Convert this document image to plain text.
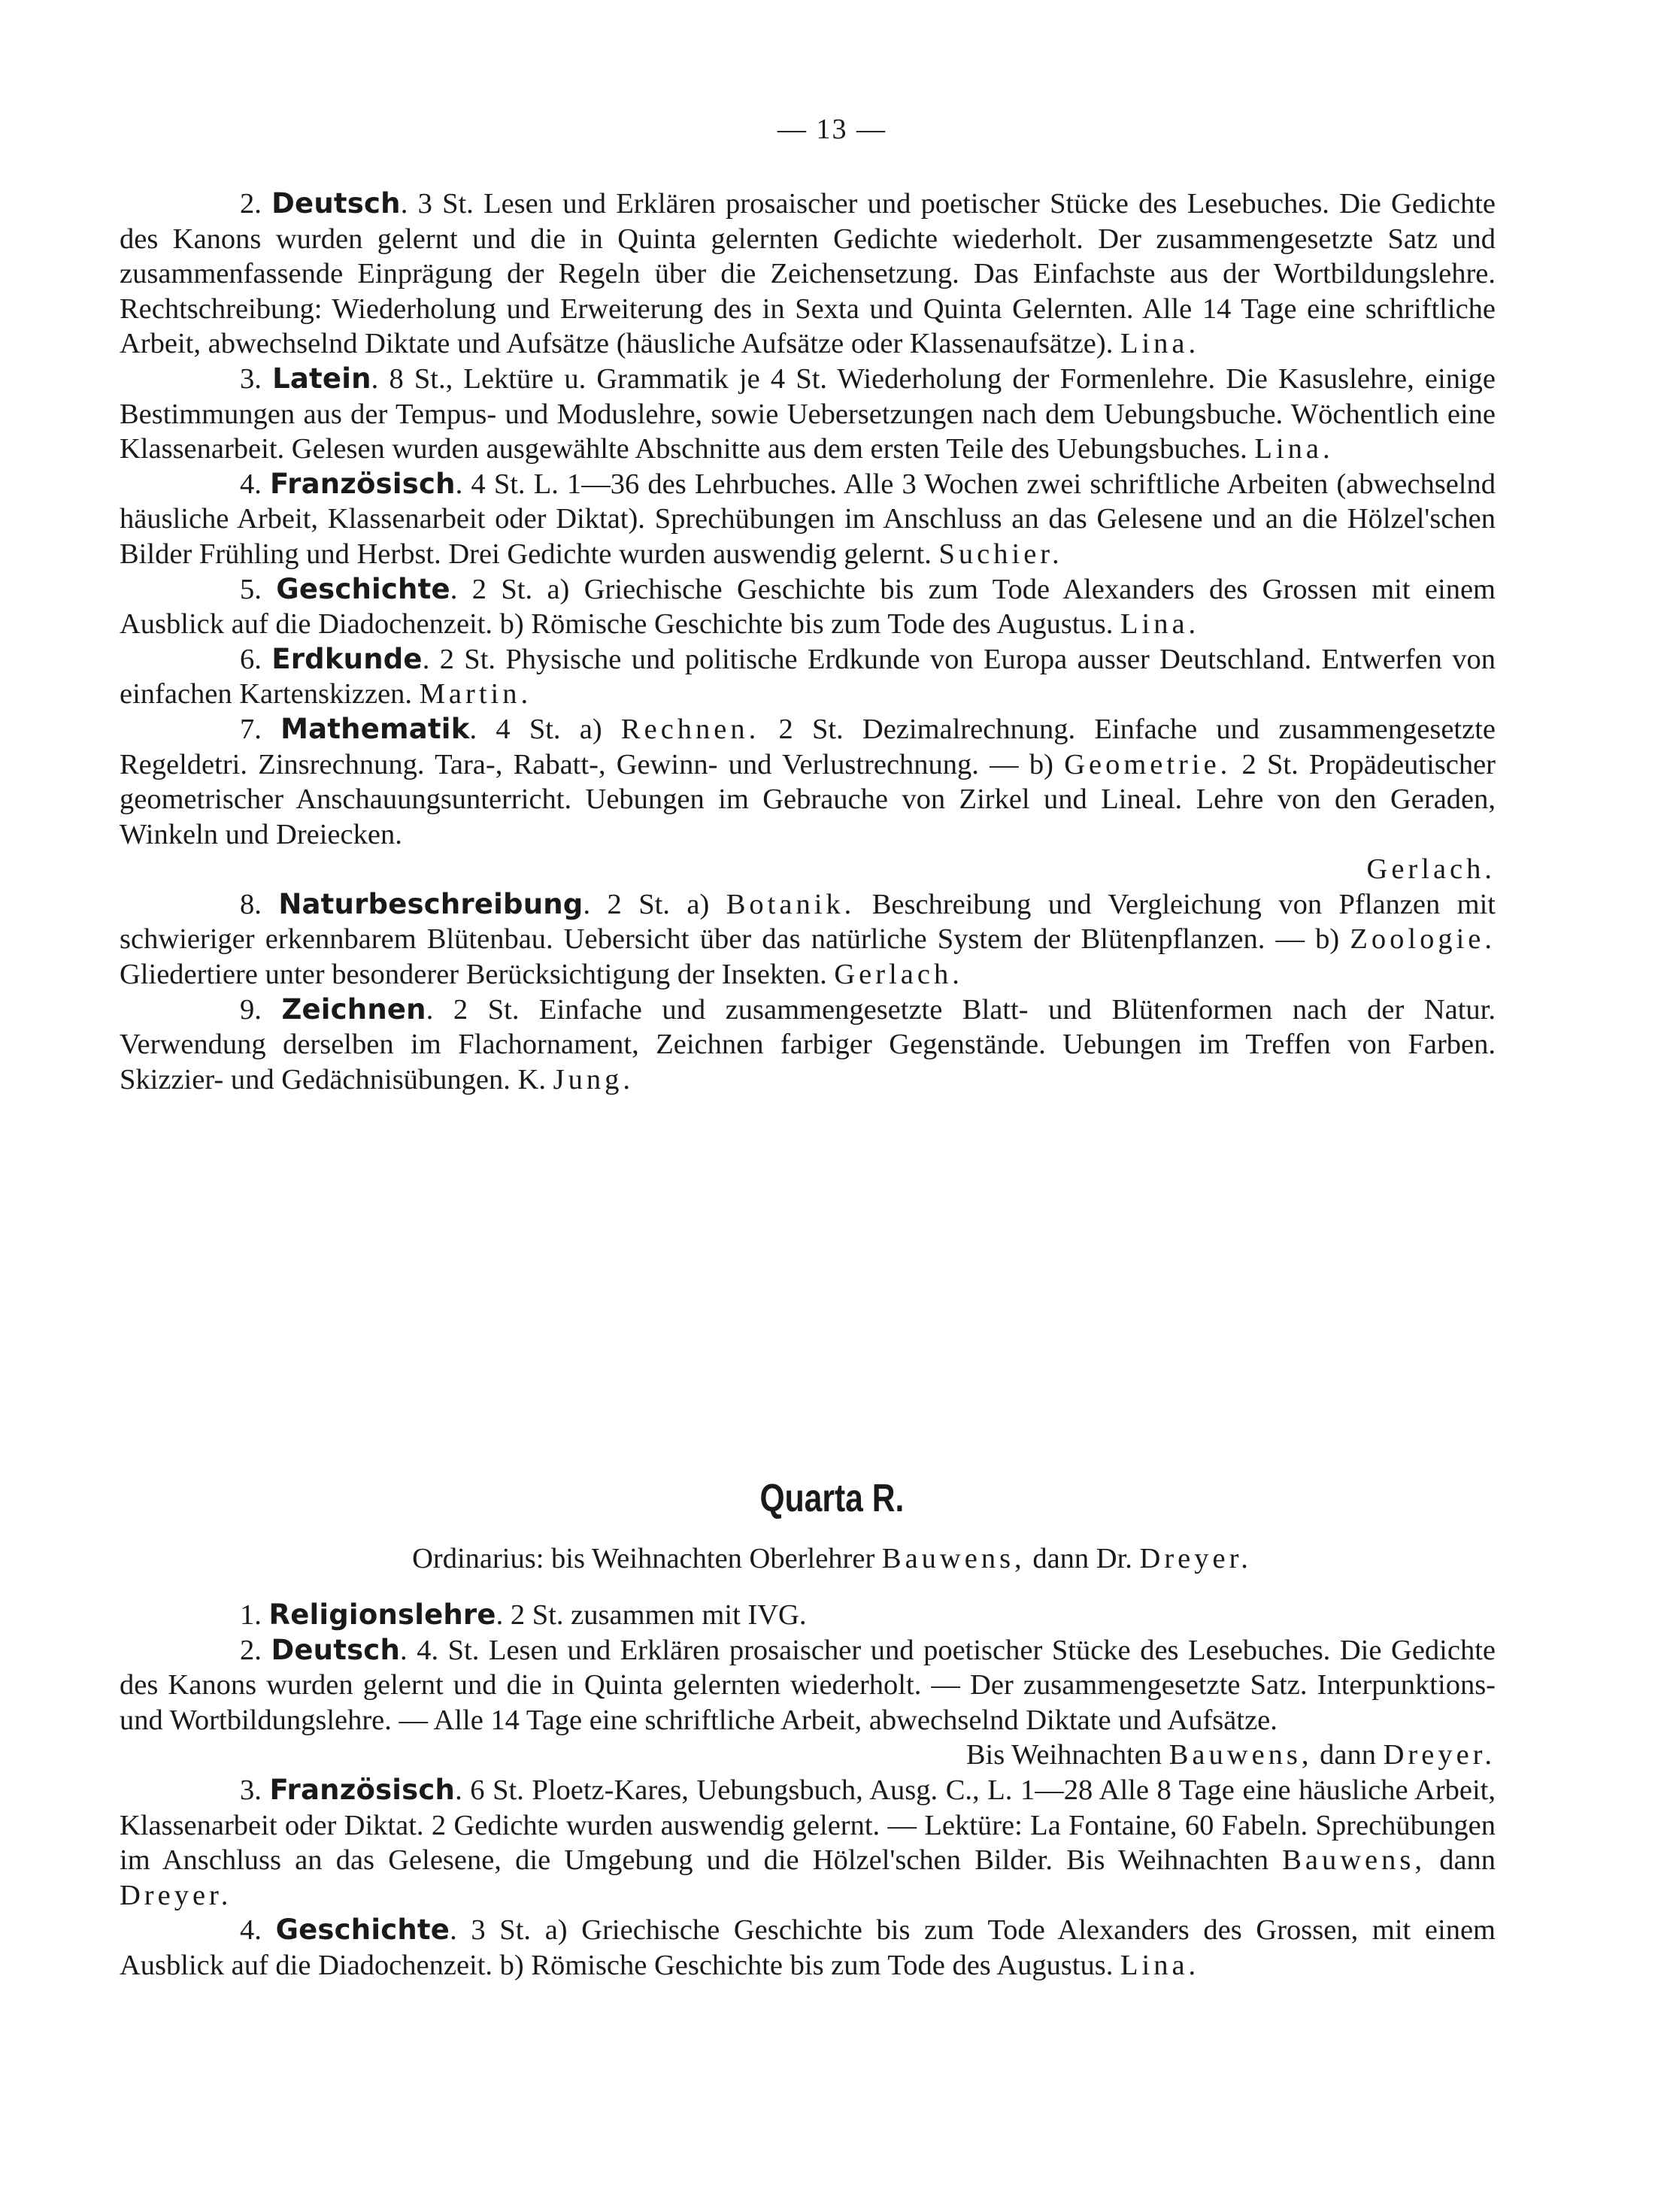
— 13 —

2. Deutsch. 3 St. Lesen und Erklären prosaischer und poetischer Stücke des Lesebuches. Die Gedichte des Kanons wurden gelernt und die in Quinta gelernten Gedichte wiederholt. Der zusammengesetzte Satz und zusammenfassende Einprägung der Regeln über die Zeichensetzung. Das Einfachste aus der Wortbildungslehre. Rechtschreibung: Wiederholung und Erweiterung des in Sexta und Quinta Gelernten. Alle 14 Tage eine schriftliche Arbeit, abwechselnd Diktate und Aufsätze (häusliche Aufsätze oder Klassenaufsätze). Lina.

3. Latein. 8 St., Lektüre u. Grammatik je 4 St. Wiederholung der Formenlehre. Die Kasuslehre, einige Bestimmungen aus der Tempus- und Moduslehre, sowie Uebersetzungen nach dem Uebungsbuche. Wöchentlich eine Klassenarbeit. Gelesen wurden ausgewählte Abschnitte aus dem ersten Teile des Uebungsbuches. Lina.

4. Französisch. 4 St. L. 1—36 des Lehrbuches. Alle 3 Wochen zwei schriftliche Arbeiten (abwechselnd häusliche Arbeit, Klassenarbeit oder Diktat). Sprechübungen im Anschluss an das Gelesene und an die Hölzel'schen Bilder Frühling und Herbst. Drei Gedichte wurden auswendig gelernt. Suchier.

5. Geschichte. 2 St. a) Griechische Geschichte bis zum Tode Alexanders des Grossen mit einem Ausblick auf die Diadochenzeit. b) Römische Geschichte bis zum Tode des Augustus. Lina.

6. Erdkunde. 2 St. Physische und politische Erdkunde von Europa ausser Deutschland. Entwerfen von einfachen Kartenskizzen. Martin.

7. Mathematik. 4 St. a) Rechnen. 2 St. Dezimalrechnung. Einfache und zusammengesetzte Regeldetri. Zinsrechnung. Tara-, Rabatt-, Gewinn- und Verlustrechnung. — b) Geometrie. 2 St. Propädeutischer geometrischer Anschauungsunterricht. Uebungen im Gebrauche von Zirkel und Lineal. Lehre von den Geraden, Winkeln und Dreiecken.
Gerlach.

8. Naturbeschreibung. 2 St. a) Botanik. Beschreibung und Vergleichung von Pflanzen mit schwieriger erkennbarem Blütenbau. Uebersicht über das natürliche System der Blütenpflanzen. — b) Zoologie. Gliedertiere unter besonderer Berücksichtigung der Insekten. Gerlach.

9. Zeichnen. 2 St. Einfache und zusammengesetzte Blatt- und Blütenformen nach der Natur. Verwendung derselben im Flachornament, Zeichnen farbiger Gegenstände. Uebungen im Treffen von Farben. Skizzier- und Gedächnisübungen. K. Jung.

Quarta R.
Ordinarius: bis Weihnachten Oberlehrer Bauwens, dann Dr. Dreyer.

1. Religionslehre. 2 St. zusammen mit IVG.

2. Deutsch. 4. St. Lesen und Erklären prosaischer und poetischer Stücke des Lesebuches. Die Gedichte des Kanons wurden gelernt und die in Quinta gelernten wiederholt. — Der zusammengesetzte Satz. Interpunktions- und Wortbildungslehre. — Alle 14 Tage eine schriftliche Arbeit, abwechselnd Diktate und Aufsätze.
Bis Weihnachten Bauwens, dann Dreyer.

3. Französisch. 6 St. Ploetz-Kares, Uebungsbuch, Ausg. C., L. 1—28 Alle 8 Tage eine häusliche Arbeit, Klassenarbeit oder Diktat. 2 Gedichte wurden auswendig gelernt. — Lektüre: La Fontaine, 60 Fabeln. Sprechübungen im Anschluss an das Gelesene, die Umgebung und die Hölzel'schen Bilder. Bis Weihnachten Bauwens, dann Dreyer.

4. Geschichte. 3 St. a) Griechische Geschichte bis zum Tode Alexanders des Grossen, mit einem Ausblick auf die Diadochenzeit. b) Römische Geschichte bis zum Tode des Augustus. Lina.
